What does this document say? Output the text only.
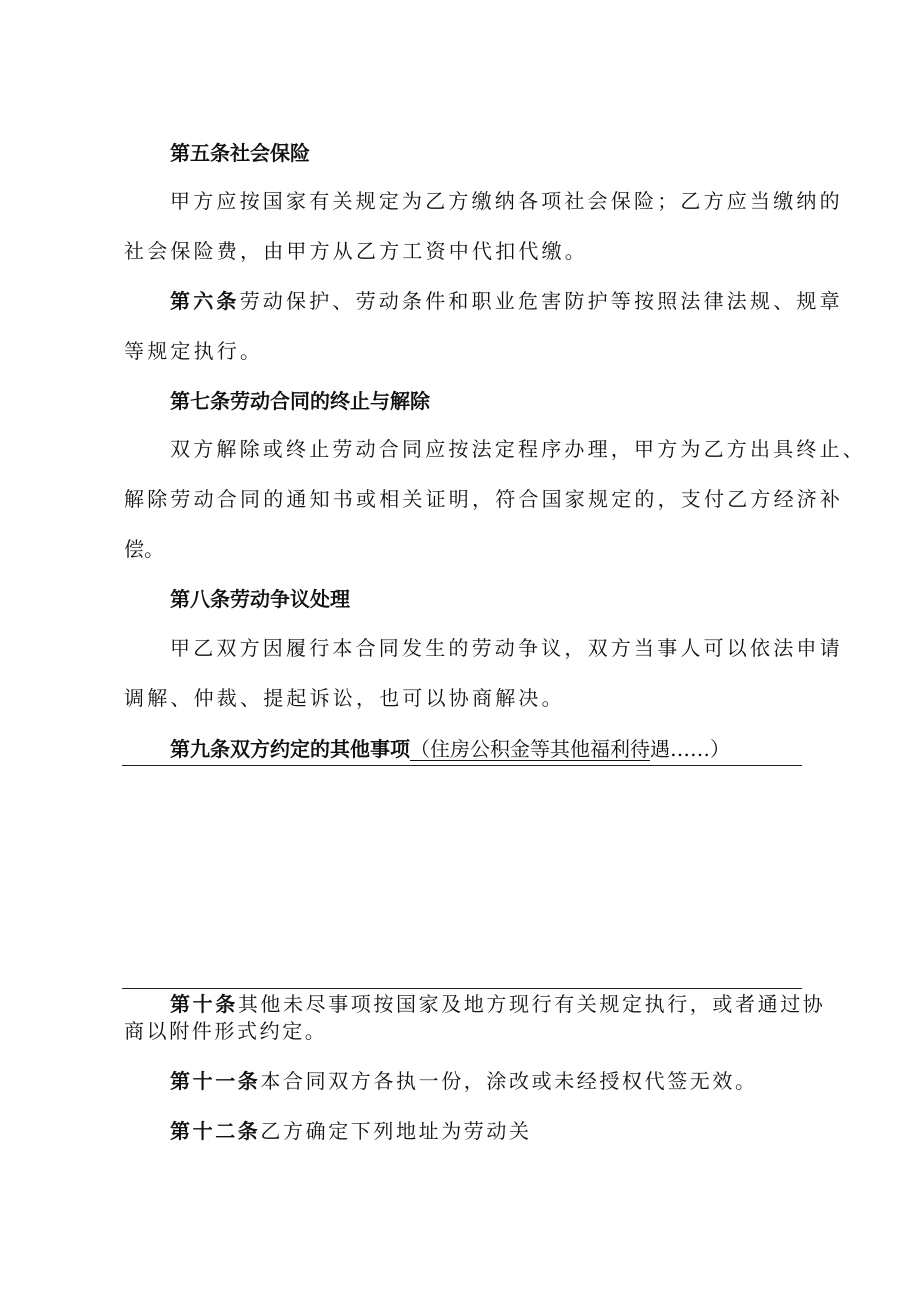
第五条社会保险
甲方应按国家有关规定为乙方缴纳各项社会保险；乙方应当缴纳的
社会保险费，由甲方从乙方工资中代扣代缴。
第六条劳动保护、劳动条件和职业危害防护等按照法律法规、规章
等规定执行。
第七条劳动合同的终止与解除
双方解除或终止劳动合同应按法定程序办理，甲方为乙方出具终止、
解除劳动合同的通知书或相关证明，符合国家规定的，支付乙方经济补
偿。
第八条劳动争议处理
甲乙双方因履行本合同发生的劳动争议，双方当事人可以依法申请
调解、仲裁、提起诉讼，也可以协商解决。
第九条双方约定的其他事项（住房公积金等其他福利待遇……）
第十条其他未尽事项按国家及地方现行有关规定执行，或者通过协
商以附件形式约定。
第十一条本合同双方各执一份，涂改或未经授权代签无效。
第十二条乙方确定下列地址为劳动关
